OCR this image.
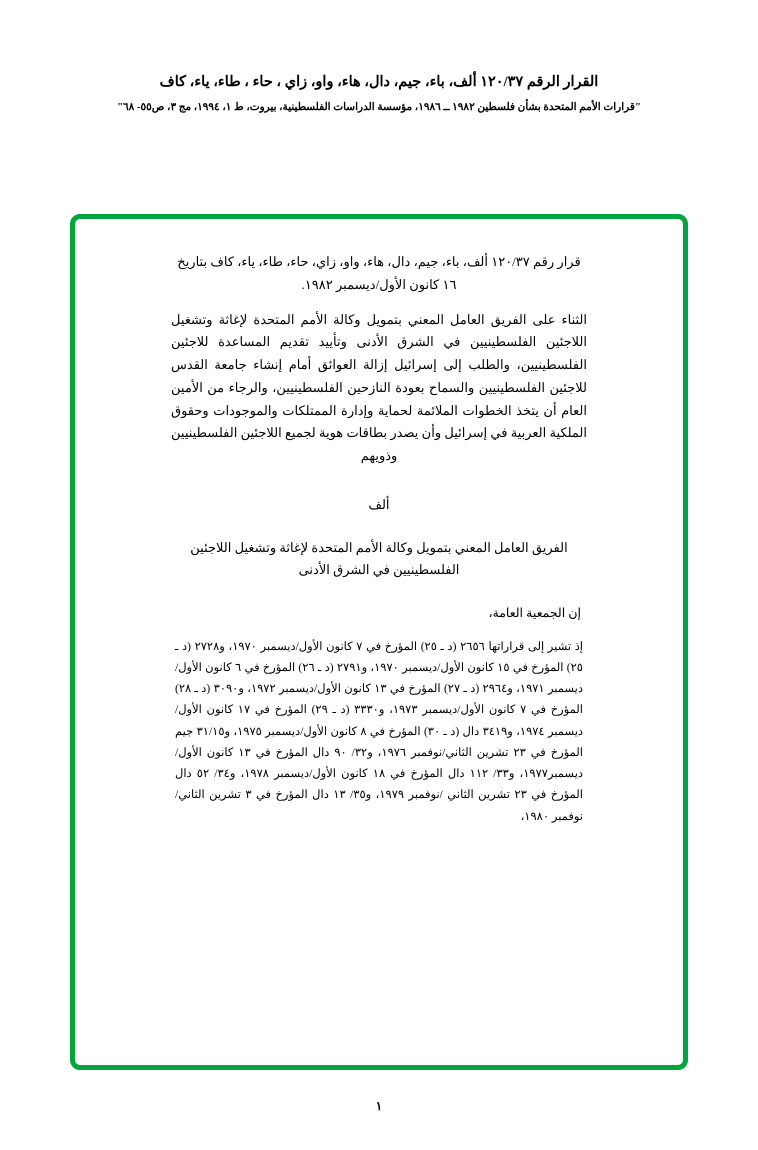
القرار الرقم ١٢٠/٣٧ ألف، باء، جيم، دال، هاء، واو، زاي ، حاء ، طاء، ياء، كاف
"قرارات الأمم المتحدة بشأن فلسطين ١٩٨٢ ــ ١٩٨٦، مؤسسة الدراسات الفلسطينية، بيروت، ط ١، ١٩٩٤، مج ٣، ص٥٥- ٦٨"
قرار رقم ١٢٠/٣٧ ألف، باء، جيم، دال، هاء، واو، زاي، حاء، طاء، ياء، كاف بتاريخ ١٦ كانون الأول/ديسمبر ١٩٨٢.
الثناء على الفريق العامل المعني بتمويل وكالة الأمم المتحدة لإغاثة وتشغيل اللاجئين الفلسطينيين في الشرق الأدنى وتأييد تقديم المساعدة للاجئين الفلسطينيين، والطلب إلى إسرائيل إزالة العوائق أمام إنشاء جامعة القدس للاجئين الفلسطينيين والسماح بعودة النازحين الفلسطينيين، والرجاء من الأمين العام أن يتخذ الخطوات الملائمة لحماية وإدارة الممتلكات والموجودات وحقوق الملكية العربية في إسرائيل وأن يصدر بطاقات هوية لجميع اللاجئين الفلسطينيين وذويهم
ألف
الفريق العامل المعني بتمويل وكالة الأمم المتحدة لإغاثة وتشغيل اللاجئين الفلسطينيين في الشرق الأدنى
إن الجمعية العامة،
إذ تشير إلى قراراتها ٢٦٥٦ (د ـ ٢٥) المؤرخ في ٧ كانون الأول/ديسمبر ١٩٧٠، و٢٧٢٨ (د ـ ٢٥) المؤرخ في ١٥ كانون الأول/ديسمبر ١٩٧٠، و٢٧٩١ (د ـ ٢٦) المؤرخ في ٦ كانون الأول/ديسمبر ١٩٧١، و٢٩٦٤ (د ـ ٢٧) المؤرخ في ١٣ كانون الأول/ديسمبر ١٩٧٢، و٣٠٩٠ (د ـ ٢٨) المؤرخ في ٧ كانون الأول/ديسمبر ١٩٧٣، و٣٣٣٠ (د ـ ٢٩) المؤرخ في ١٧ كانون الأول/ديسمبر ١٩٧٤، و٣٤١٩ دال (د ـ ٣٠) المؤرخ في ٨ كانون الأول/ديسمبر ١٩٧٥، و٣١/١٥ جيم المؤرخ في ٢٣ تشرين الثاني/نوفمبر ١٩٧٦، و٣٢/ ٩٠ دال المؤرخ في ١٣ كانون الأول/ديسمبر١٩٧٧، و٣٣/ ١١٢ دال المؤرخ في ١٨ كانون الأول/ديسمبر ١٩٧٨، و٣٤/ ٥٢ دال المؤرخ في ٢٣ تشرين الثاني /نوفمبر ١٩٧٩، و٣٥/ ١٣ دال المؤرخ في ٣ تشرين الثاني/نوفمبر ١٩٨٠،
١
